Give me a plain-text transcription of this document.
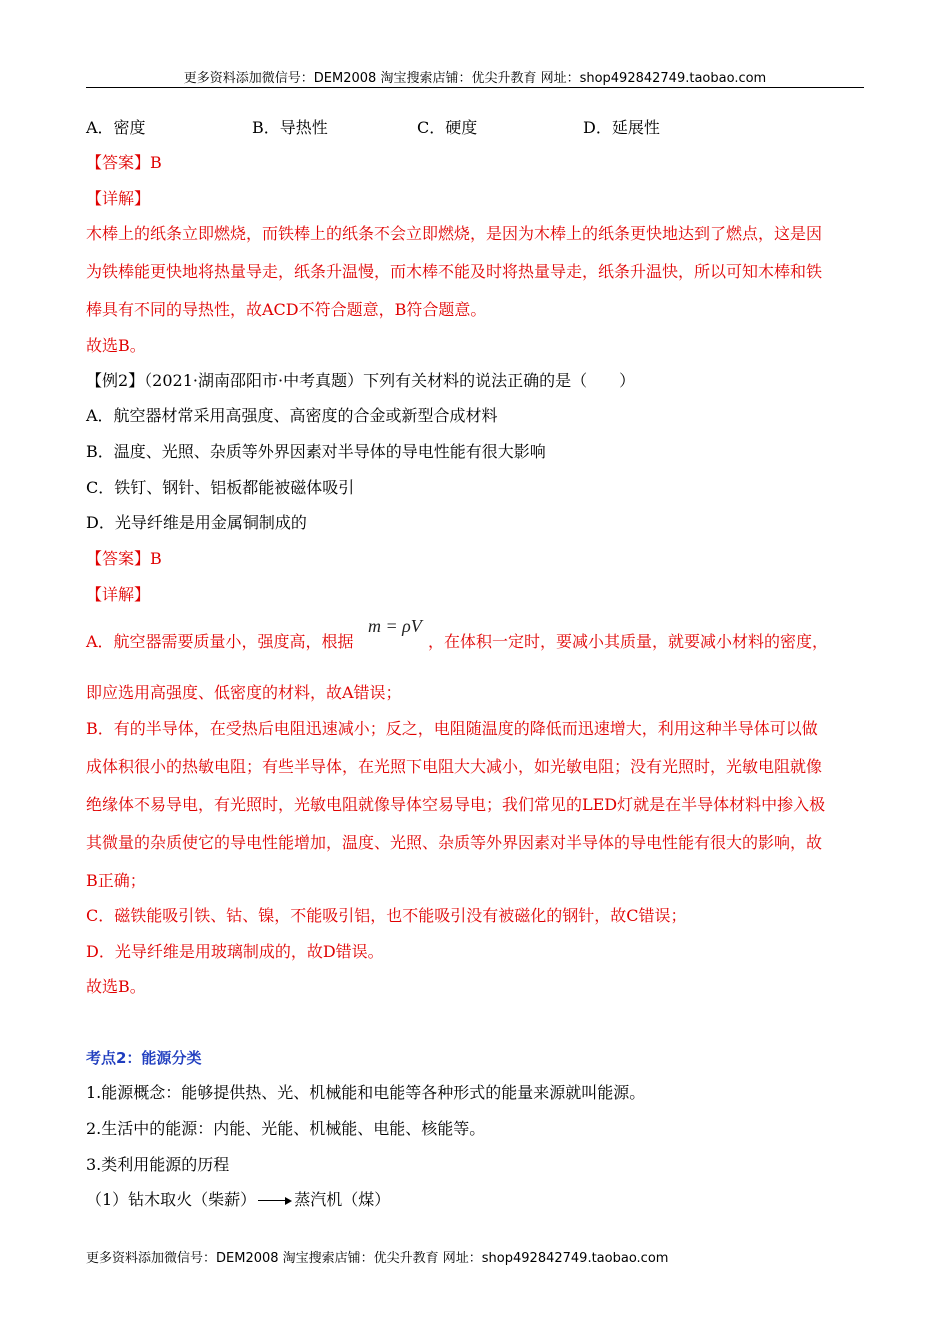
更多资料添加微信号：DEM2008 淘宝搜索店铺：优尖升教育 网址：shop492842749.taobao.com
A．密度	B．导热性	C．硬度	D．延展性
【答案】B
【详解】
木棒上的纸条立即燃烧，而铁棒上的纸条不会立即燃烧，是因为木棒上的纸条更快地达到了燃点，这是因
为铁棒能更快地将热量导走，纸条升温慢，而木棒不能及时将热量导走，纸条升温快，所以可知木棒和铁
棒具有不同的导热性，故ACD不符合题意，B符合题意。
故选B。
【例2】（2021·湖南邵阳市·中考真题）下列有关材料的说法正确的是（　　）
A．航空器材常采用高强度、高密度的合金或新型合成材料
B．温度、光照、杂质等外界因素对半导体的导电性能有很大影响
C．铁钉、钢针、铝板都能被磁体吸引
D．光导纤维是用金属铜制成的
【答案】B
【详解】
A．航空器需要质量小，强度高，根据
m = ρV
，在体积一定时，要减小其质量，就要减小材料的密度，
即应选用高强度、低密度的材料，故A错误；
B．有的半导体，在受热后电阻迅速减小；反之，电阻随温度的降低而迅速增大，利用这种半导体可以做
成体积很小的热敏电阻；有些半导体，在光照下电阻大大减小，如光敏电阻；没有光照时，光敏电阻就像
绝缘体不易导电，有光照时，光敏电阻就像导体空易导电；我们常见的LED灯就是在半导体材料中掺入极
其微量的杂质使它的导电性能增加，温度、光照、杂质等外界因素对半导体的导电性能有很大的影响，故
B正确；
C．磁铁能吸引铁、钴、镍，不能吸引铝，也不能吸引没有被磁化的钢针，故C错误；
D．光导纤维是用玻璃制成的，故D错误。
故选B。
考点2：能源分类
1.能源概念：能够提供热、光、机械能和电能等各种形式的能量来源就叫能源。
2.生活中的能源：内能、光能、机械能、电能、核能等。
3.类利用能源的历程
（1）钻木取火（柴薪） 蒸汽机（煤）
更多资料添加微信号：DEM2008 淘宝搜索店铺：优尖升教育 网址：shop492842749.taobao.com
